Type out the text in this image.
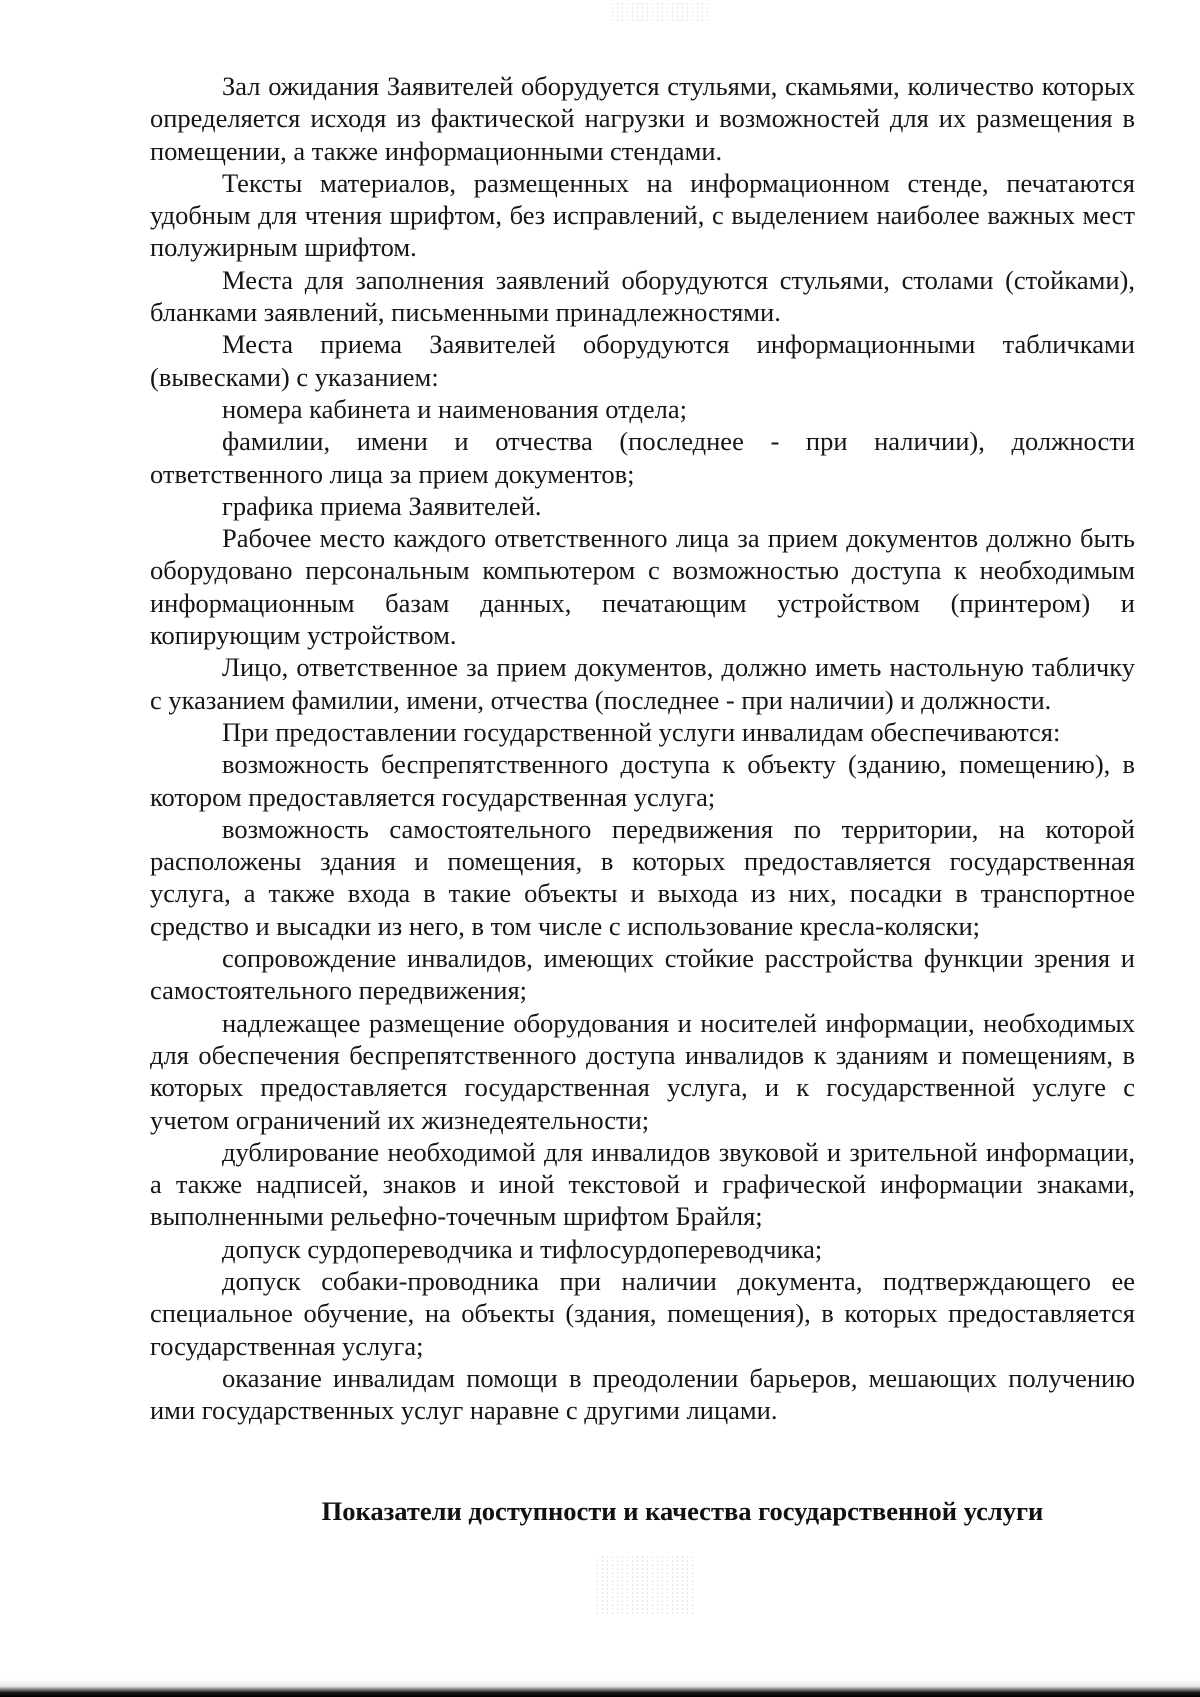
Зал ожидания Заявителей оборудуется стульями, скамьями, количество которых определяется исходя из фактической нагрузки и возможностей для их размещения в помещении, а также информационными стендами.

Тексты материалов, размещенных на информационном стенде, печатаются удобным для чтения шрифтом, без исправлений, с выделением наиболее важных мест полужирным шрифтом.

Места для заполнения заявлений оборудуются стульями, столами (стойками), бланками заявлений, письменными принадлежностями.

Места приема Заявителей оборудуются информационными табличками (вывесками) с указанием:

номера кабинета и наименования отдела;

фамилии, имени и отчества (последнее - при наличии), должности ответственного лица за прием документов;

графика приема Заявителей.

Рабочее место каждого ответственного лица за прием документов должно быть оборудовано персональным компьютером с возможностью доступа к необходимым информационным базам данных, печатающим устройством (принтером) и копирующим устройством.

Лицо, ответственное за прием документов, должно иметь настольную табличку с указанием фамилии, имени, отчества (последнее - при наличии) и должности.

При предоставлении государственной услуги инвалидам обеспечиваются:

возможность беспрепятственного доступа к объекту (зданию, помещению), в котором предоставляется государственная услуга;

возможность самостоятельного передвижения по территории, на которой расположены здания и помещения, в которых предоставляется государственная услуга, а также входа в такие объекты и выхода из них, посадки в транспортное средство и высадки из него, в том числе с использование кресла-коляски;

сопровождение инвалидов, имеющих стойкие расстройства функции зрения и самостоятельного передвижения;

надлежащее размещение оборудования и носителей информации, необходимых для обеспечения беспрепятственного доступа инвалидов к зданиям и помещениям, в которых предоставляется государственная услуга, и к государственной услуге с учетом ограничений их жизнедеятельности;

дублирование необходимой для инвалидов звуковой и зрительной информации, а также надписей, знаков и иной текстовой и графической информации знаками, выполненными рельефно-точечным шрифтом Брайля;

допуск сурдопереводчика и тифлосурдопереводчика;

допуск собаки-проводника при наличии документа, подтверждающего ее специальное обучение, на объекты (здания, помещения), в которых предоставляется государственная услуга;

оказание инвалидам помощи в преодолении барьеров, мешающих получению ими государственных услуг наравне с другими лицами.

Показатели доступности и качества государственной услуги
